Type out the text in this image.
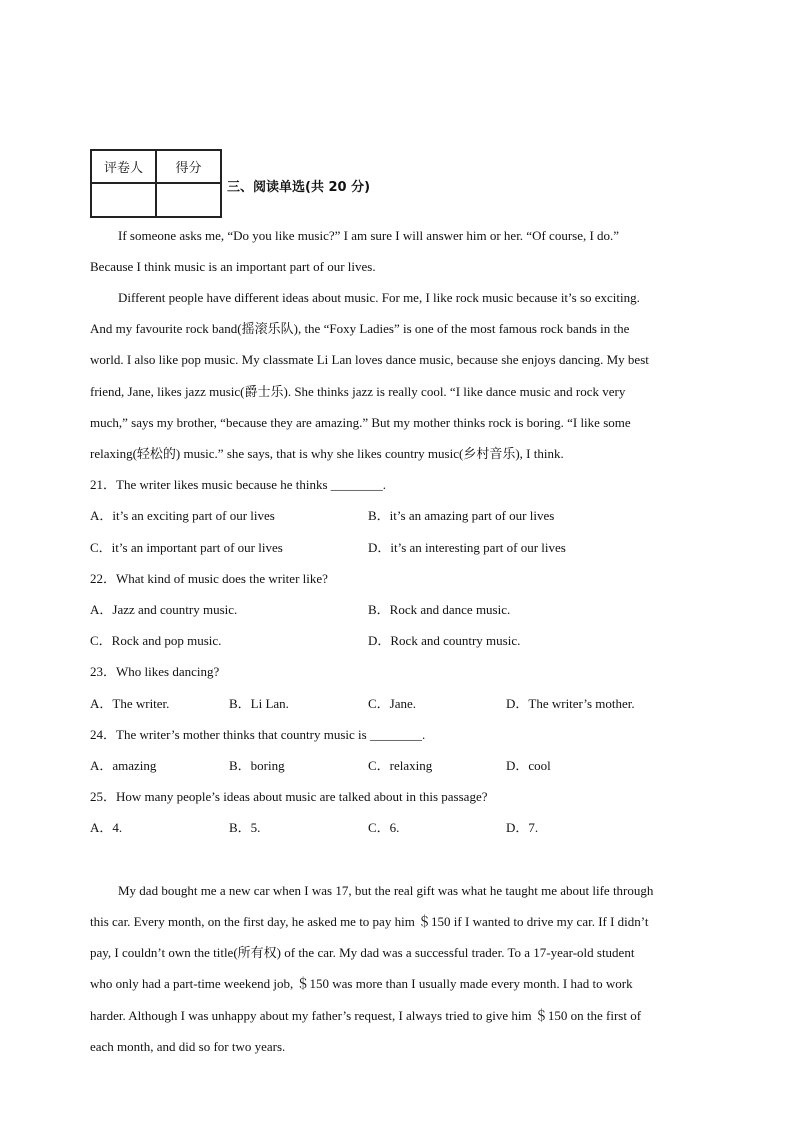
评卷人	得分

三、阅读单选(共 20 分)
If someone asks me, “Do you like music?” I am sure I will answer him or her. “Of course, I do.”
Because I think music is an important part of our lives.
Different people have different ideas about music. For me, I like rock music because it’s so exciting.
And my favourite rock band(摇滚乐队), the “Foxy Ladies” is one of the most famous rock bands in the
world. I also like pop music. My classmate Li Lan loves dance music, because she enjoys dancing. My best
friend, Jane, likes jazz music(爵士乐). She thinks jazz is really cool. “I like dance music and rock very
much,” says my brother, “because they are amazing.” But my mother thinks rock is boring. “I like some
relaxing(轻松的) music.” she says, that is why she likes country music(乡村音乐), I think.
21．The writer likes music because he thinks ________.
A．it’s an exciting part of our lives	B．it’s an amazing part of our lives
C．it’s an important part of our lives	D．it’s an interesting part of our lives
22．What kind of music does the writer like?
A．Jazz and country music.	B．Rock and dance music.
C．Rock and pop music.	D．Rock and country music.
23．Who likes dancing?
A．The writer.	B．Li Lan.	C．Jane.	D．The writer’s mother.
24．The writer’s mother thinks that country music is ________.
A．amazing	B．boring	C．relaxing	D．cool
25．How many people’s ideas about music are talked about in this passage?
A．4.	B．5.	C．6.	D．7.
My dad bought me a new car when I was 17, but the real gift was what he taught me about life through
this car. Every month, on the first day, he asked me to pay him ＄150 if I wanted to drive my car. If I didn’t
pay, I couldn’t own the title(所有权) of the car. My dad was a successful trader. To a 17-year-old student
who only had a part-time weekend job, ＄150 was more than I usually made every month. I had to work
harder. Although I was unhappy about my father’s request, I always tried to give him ＄150 on the first of
each month, and did so for two years.
